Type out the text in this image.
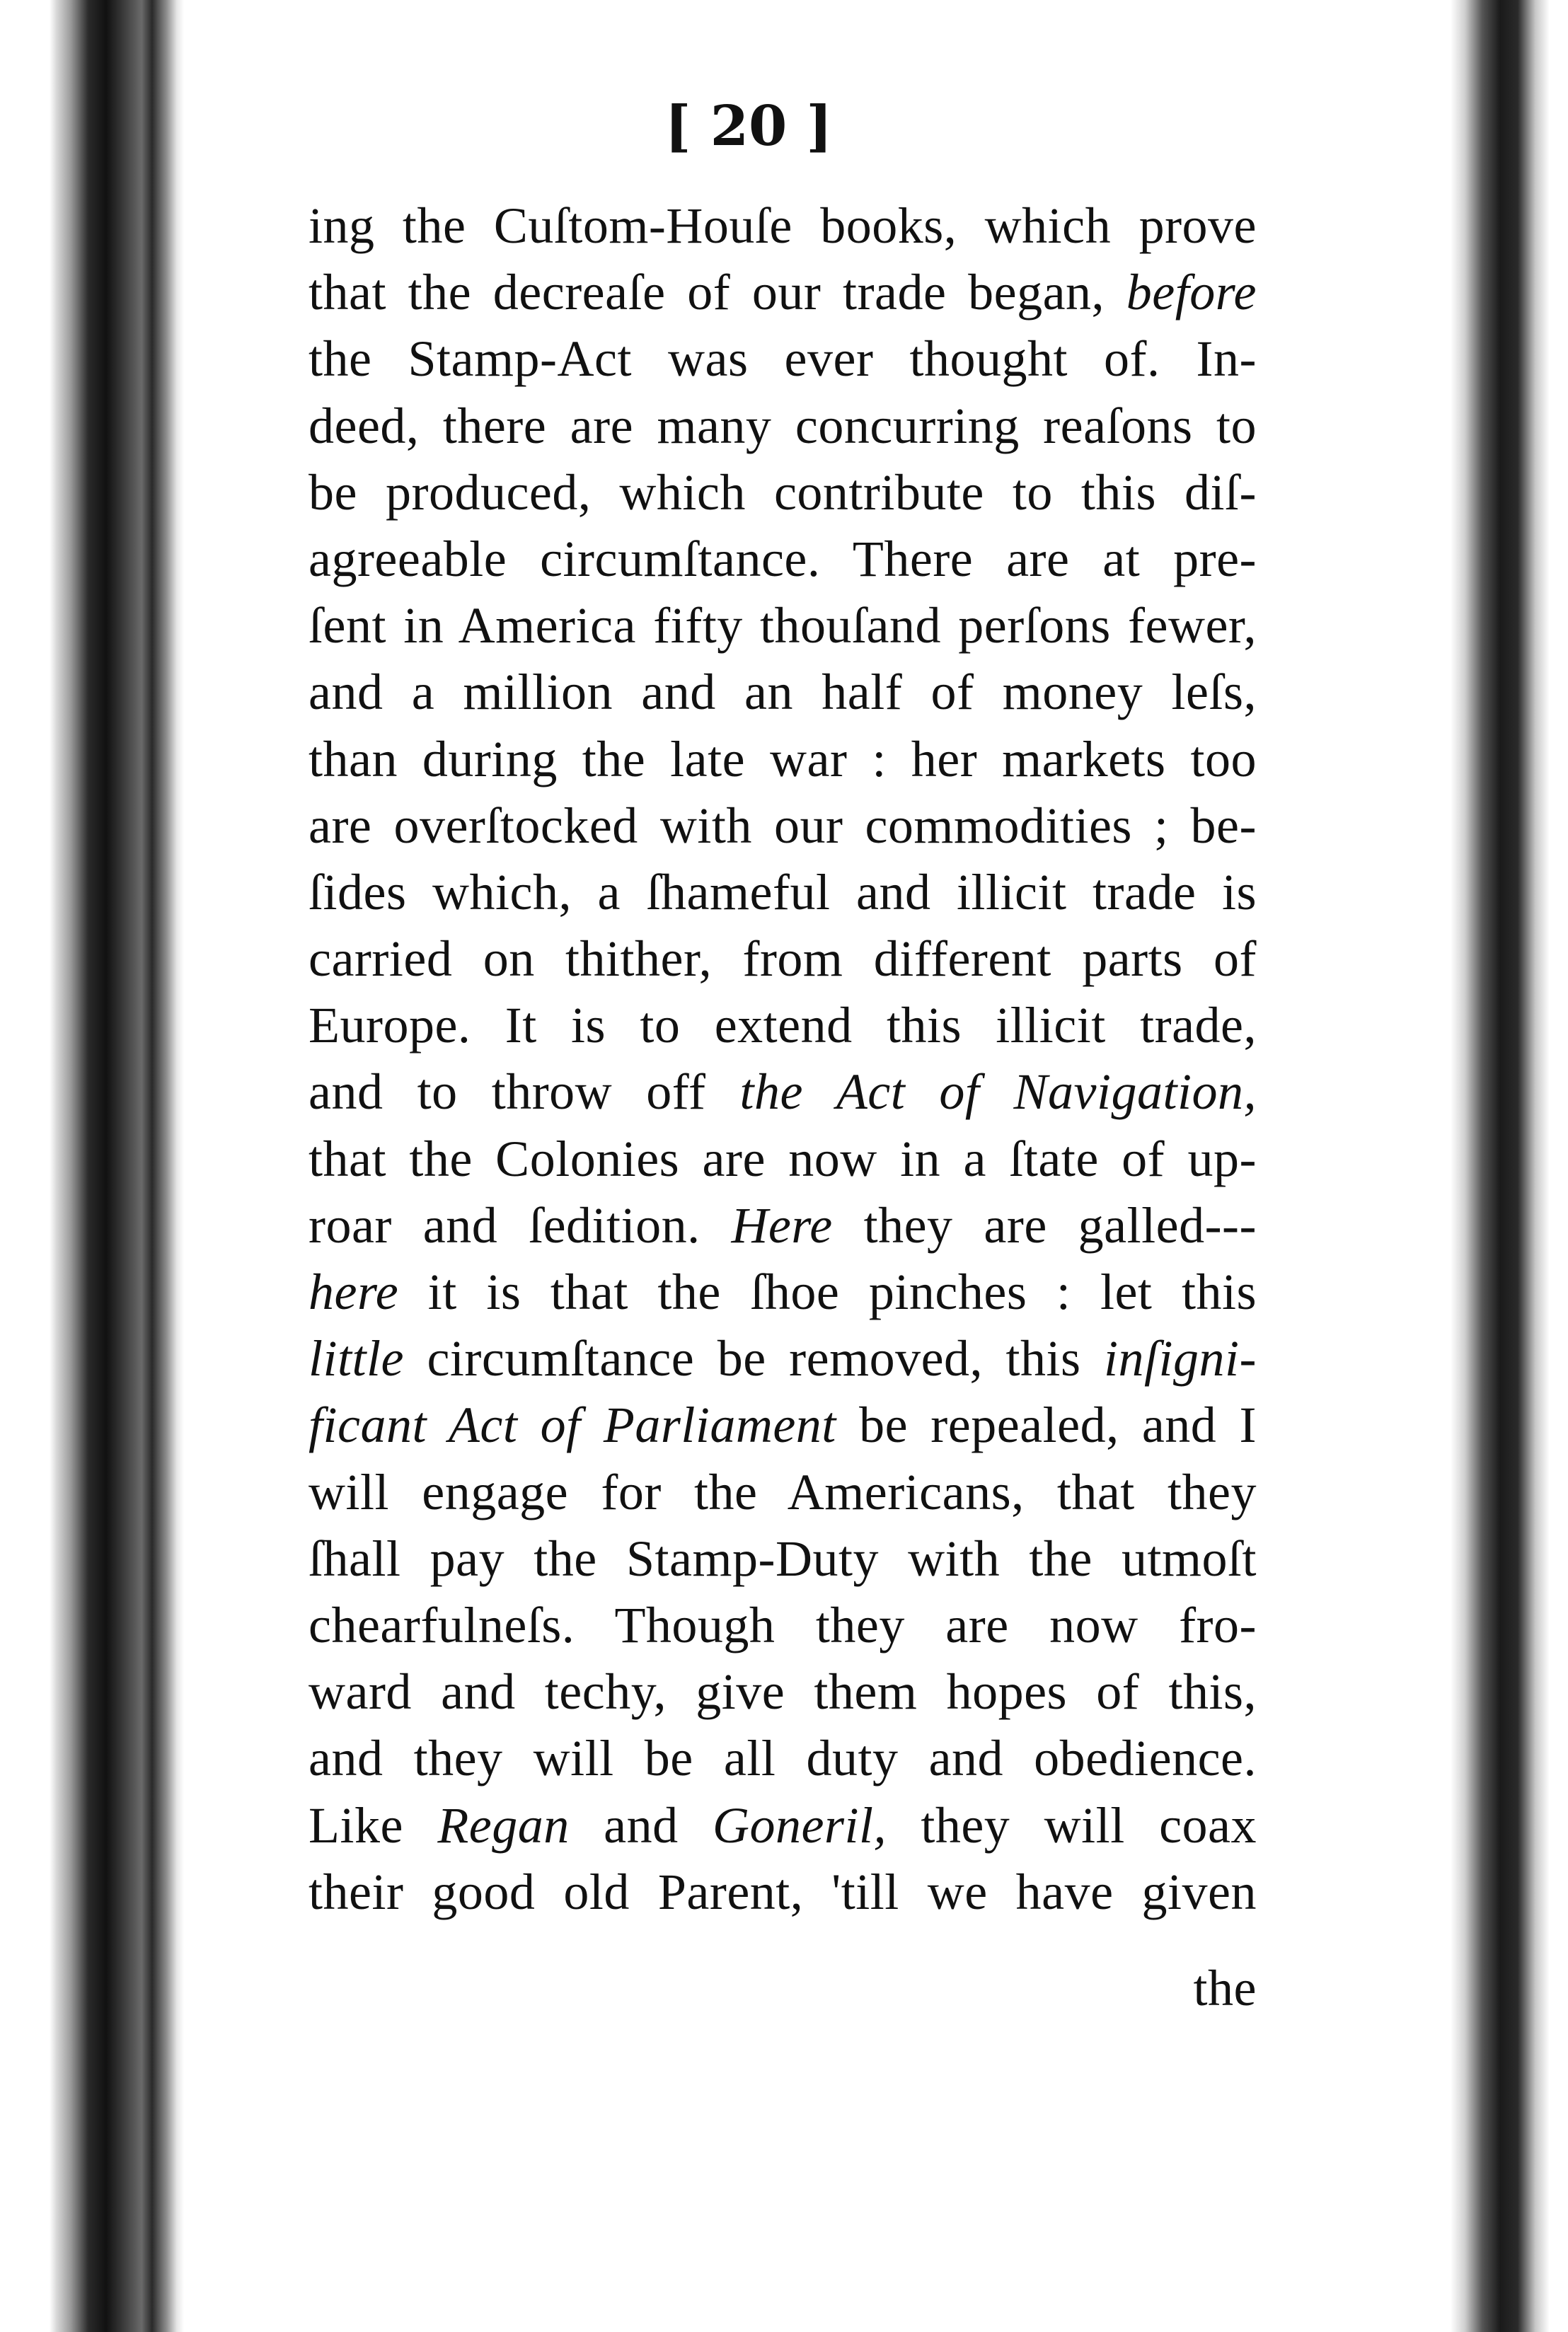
[ 20 ]
ing the Cuſtom-Houſe books, which prove
that the decreaſe of our trade began, before
the Stamp-Act was ever thought of. In-
deed, there are many concurring reaſons to
be produced, which contribute to this diſ-
agreeable circumſtance. There are at pre-
ſent in America fifty thouſand perſons fewer,
and a million and an half of money leſs,
than during the late war : her markets too
are overſtocked with our commodities ; be-
ſides which, a ſhameful and illicit trade is
carried on thither, from different parts of
Europe. It is to extend this illicit trade,
and to throw off the Act of Navigation,
that the Colonies are now in a ſtate of up-
roar and ſedition. Here they are galled---
here it is that the ſhoe pinches : let this
little circumſtance be removed, this inſigni-
ficant Act of Parliament be repealed, and I
will engage for the Americans, that they
ſhall pay the Stamp-Duty with the utmoſt
chearfulneſs. Though they are now fro-
ward and techy, give them hopes of this,
and they will be all duty and obedience.
Like Regan and Goneril, they will coax
their good old Parent, 'till we have given
the
